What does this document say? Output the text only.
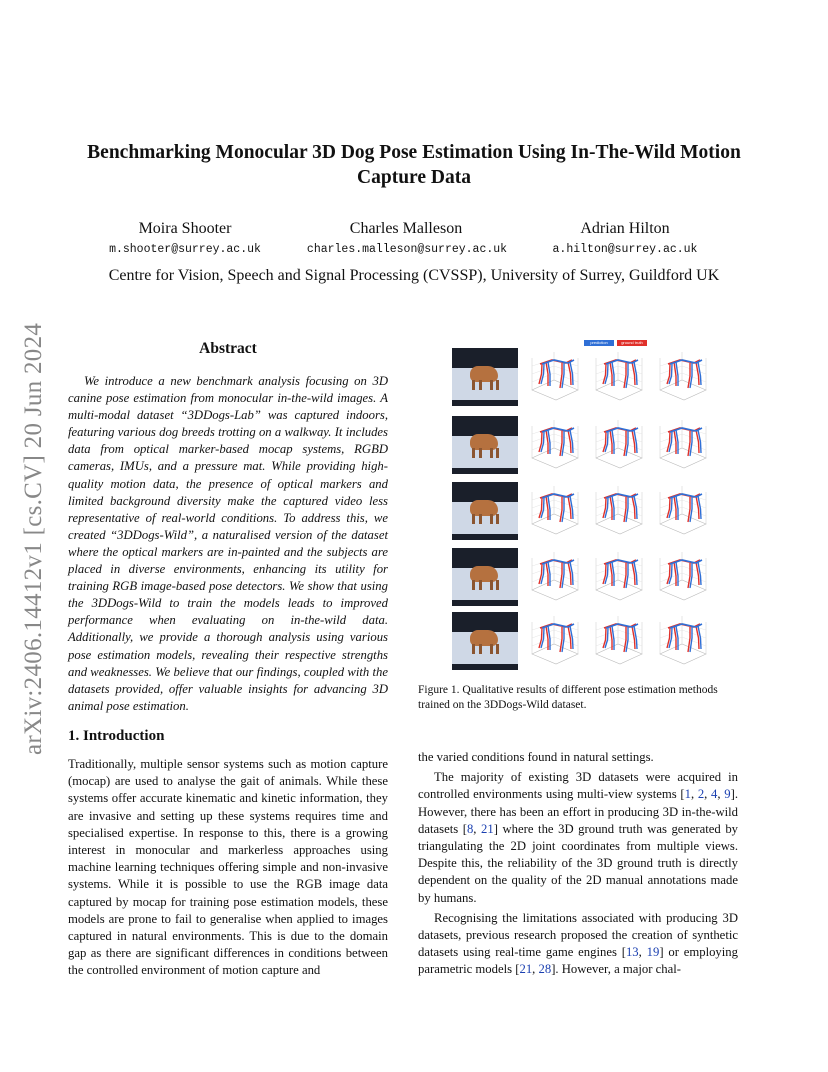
Benchmarking Monocular 3D Dog Pose Estimation Using In-The-Wild Motion Capture Data
Moira Shooter	Charles Malleson	Adrian Hilton
m.shooter@surrey.ac.uk	charles.malleson@surrey.ac.uk	a.hilton@surrey.ac.uk
Centre for Vision, Speech and Signal Processing (CVSSP), University of Surrey, Guildford UK
arXiv:2406.14412v1 [cs.CV] 20 Jun 2024	Abstract
We introduce a new benchmark analysis focusing on 3D canine pose estimation from monocular in-the-wild images. A multi-modal dataset “3DDogs-Lab” was captured indoors, featuring various dog breeds trotting on a walkway. It includes data from optical marker-based mocap systems, RGBD cameras, IMUs, and a pressure mat. While providing high-quality motion data, the presence of optical markers and limited background diversity make the captured video less representative of real-world conditions. To address this, we created “3DDogs-Wild”, a naturalised version of the dataset where the optical markers are in-painted and the subjects are placed in diverse environments, enhancing its utility for training RGB image-based pose detectors. We show that using the 3DDogs-Wild to train the models leads to improved performance when evaluating on in-the-wild data. Additionally, we provide a thorough analysis using various pose estimation models, revealing their respective strengths and weaknesses. We believe that our findings, coupled with the datasets provided, offer valuable insights for advancing 3D animal pose estimation.
1. Introduction

Traditionally, multiple sensor systems such as motion capture (mocap) are used to analyse the gait of animals. While these systems offer accurate kinematic and kinetic information, they are invasive and setting up these systems requires time and specialised expertise. In response to this, there is a growing interest in monocular and markerless approaches using machine learning techniques offering simple and non-invasive systems. While it is possible to use the RGB image data captured by mocap for training pose estimation models, these models are prone to fail to generalise when applied to images captured in natural environments. This is due to the domain gap as there are significant differences in conditions between the controlled environment of motion capture and

the varied conditions found in natural settings.

The majority of existing 3D datasets were acquired in controlled environments using multi-view systems [1, 2, 4, 9]. However, there has been an effort in producing 3D in-the-wild datasets [8, 21] where the 3D ground truth was generated by triangulating the 2D joint coordinates from multiple views. Despite this, the reliability of the 3D ground truth is directly dependent on the quality of the 2D manual annotations made by humans.

Recognising the limitations associated with producing 3D datasets, previous research proposed the creation of synthetic datasets using real-time game engines [13, 19] or employing parametric models [21, 28]. However, a major chal-

prediction	ground truth
Figure 1. Qualitative results of different pose estimation methods trained on the 3DDogs-Wild dataset.
